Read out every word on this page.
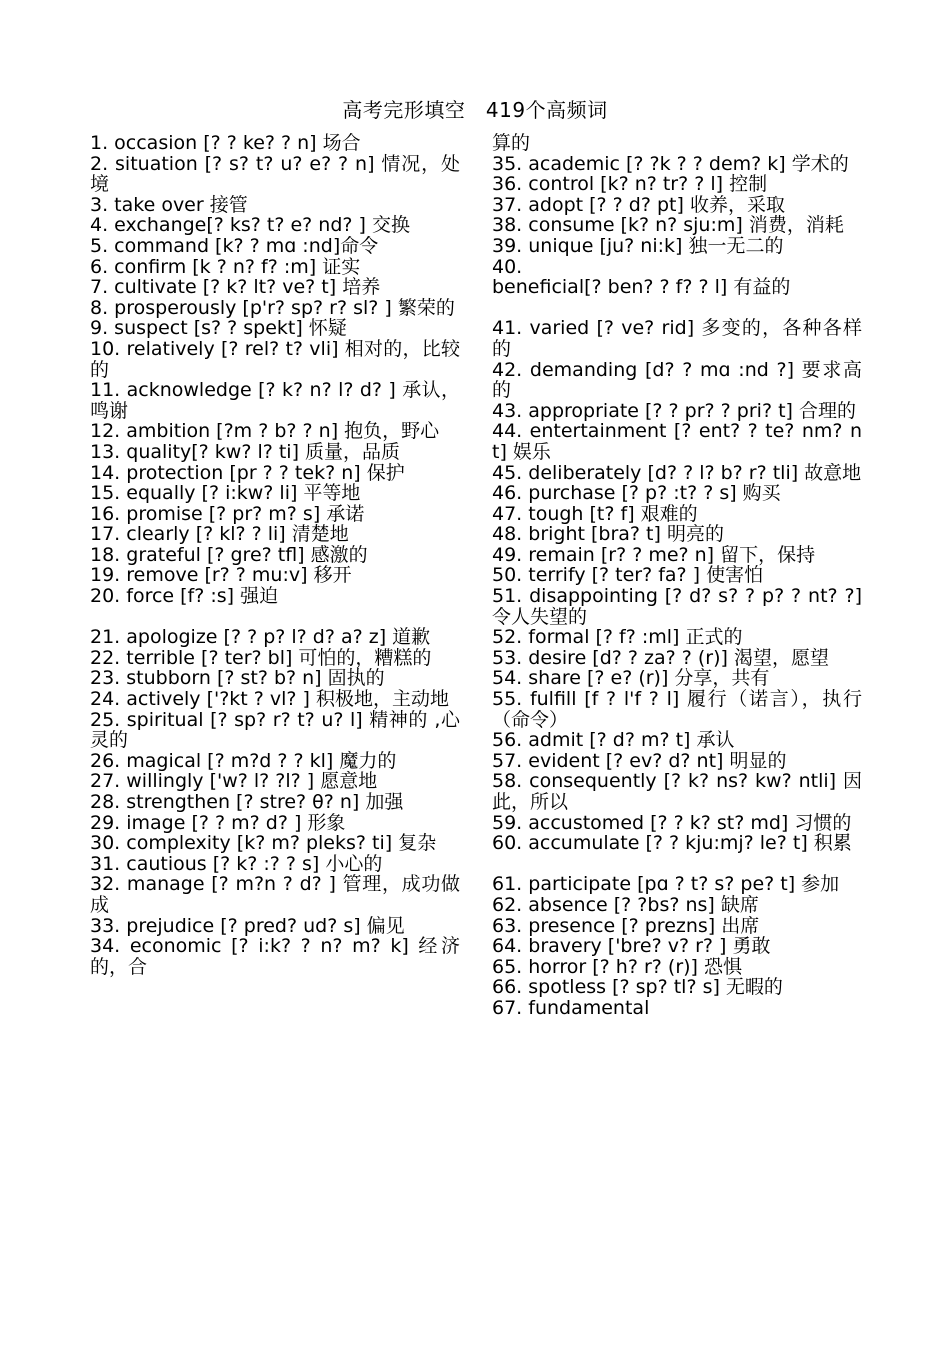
高考完形填空　419个高频词

1. occasion [? ? ke? ? n] 场合

2. situation [? s? t? u? e? ? n] 情况，处境

3. take over 接管

4. exchange[? ks? t? e? nd? ] 交换

5. command [k? ? mɑ :nd]命令

6. confirm [k ? n? f? :m] 证实

7. cultivate [? k? lt? ve? t] 培养

8. prosperously [p'r? sp? r? sl? ] 繁荣的

9. suspect [s? ? spekt] 怀疑

10. relatively [? rel? t? vli] 相对的，比较的

11. acknowledge [? k? n? l? d? ] 承认，鸣谢

12. ambition [?m ? b? ? n] 抱负，野心

13. quality[? kw? l? ti] 质量，品质

14. protection [pr ? ? tek? n] 保护

15. equally [? i:kw? li] 平等地

16. promise [? pr? m? s] 承诺

17. clearly [? kl? ? li] 清楚地

18. grateful [? gre? tfl] 感激的

19. remove [r? ? mu:v] 移开

20. force [f? :s] 强迫

21. apologize [? ? p? l? d? a? z] 道歉

22. terrible [? ter? bl] 可怕的，糟糕的

23. stubborn [? st? b? n] 固执的

24. actively ['?kt ? vl? ] 积极地，主动地

25. spiritual [? sp? r? t? u? l] 精神的 ,心灵的

26. magical [? m?d ? ? kl] 魔力的

27. willingly ['w? l? ?l? ] 愿意地

28. strengthen [? stre? θ? n] 加强

29. image [? ? m? d? ] 形象

30. complexity [k? m? pleks? ti] 复杂

31. cautious [? k? :? ? s] 小心的

32. manage [? m?n ? d? ] 管理，成功做成

33. prejudice [? pred? ud? s] 偏见

34. economic [? i:k? ? n? m? k] 经济的，合

算的

35. academic [? ?k ? ? dem? k] 学术的

36. control [k? n? tr? ? l] 控制

37. adopt [? ? d? pt] 收养，采取

38. consume [k? n? sju:m] 消费，消耗

39. unique [ju? ni:k] 独一无二的

40.

beneficial[? ben? ? f? ? l] 有益的

41. varied [? ve? rid] 多变的，各种各样的

42. demanding [d? ? mɑ :nd ?] 要求高的

43. appropriate [? ? pr? ? pri? t] 合理的

44. entertainment [? ent? ? te? nm? nt] 娱乐

45. deliberately [d? ? l? b? r? tli] 故意地

46. purchase [? p? :t? ? s] 购买

47. tough [t? f] 艰难的

48. bright [bra? t] 明亮的

49. remain [r? ? me? n] 留下，保持

50. terrify [? ter? fa? ] 使害怕

51. disappointing [? d? s? ? p? ? nt? ?] 令人失望的

52. formal [? f? :ml] 正式的

53. desire [d? ? za? ? (r)] 渴望，愿望

54. share [? e? (r)] 分享，共有

55. fulfill [f ? l'f ? l] 履行（诺言），执行（命令）

56. admit [? d? m? t] 承认

57. evident [? ev? d? nt] 明显的

58. consequently [? k? ns? kw? ntli] 因此，所以

59. accustomed [? ? k? st? md] 习惯的

60. accumulate [? ? kju:mj? le? t] 积累

61. participate [pɑ ? t? s? pe? t] 参加

62. absence [? ?bs? ns] 缺席

63. presence [? prezns] 出席

64. bravery ['bre? v? r? ] 勇敢

65. horror [? h? r? (r)] 恐惧

66. spotless [? sp? tl? s] 无暇的

67. fundamental
